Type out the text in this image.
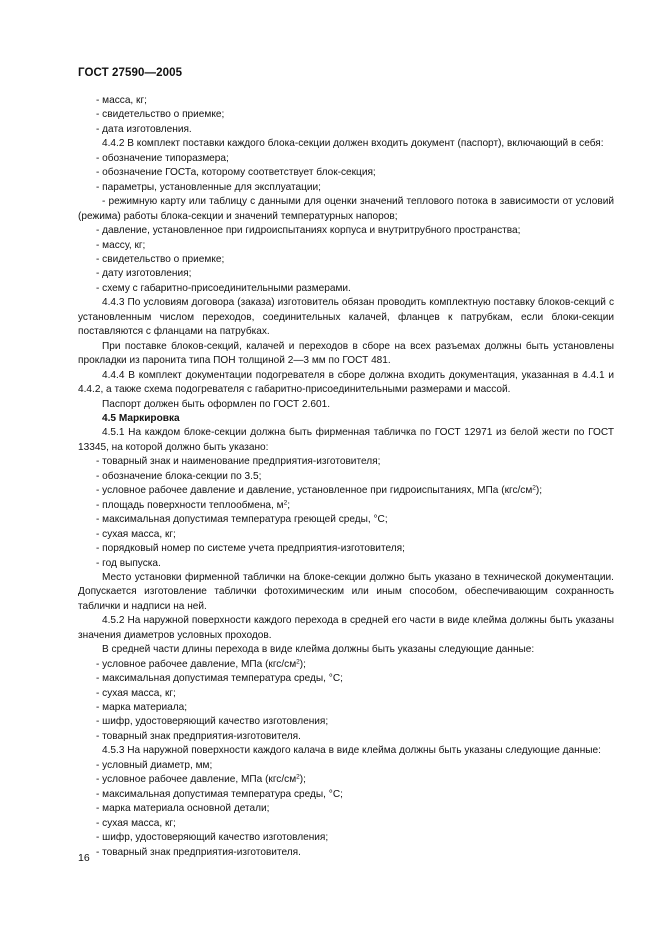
ГОСТ 27590—2005

- масса, кг;

- свидетельство о приемке;

- дата изготовления.

4.4.2 В комплект поставки каждого блока-секции должен входить документ (паспорт), включающий в себя:

- обозначение типоразмера;

- обозначение ГОСТа, которому соответствует блок-секция;

- параметры, установленные для эксплуатации;

- режимную карту или таблицу с данными для оценки значений теплового потока в зависимости от условий (режима) работы блока-секции и значений температурных напоров;

- давление, установленное при гидроиспытаниях корпуса и внутритрубного пространства;

- массу, кг;

- свидетельство о приемке;

- дату изготовления;

- схему с габаритно-присоединительными размерами.

4.4.3 По условиям договора (заказа) изготовитель обязан проводить комплектную поставку блоков-секций с установленным числом переходов, соединительных калачей, фланцев к патрубкам, если блоки-секции поставляются с фланцами на патрубках.

При поставке блоков-секций, калачей и переходов в сборе на всех разъемах должны быть установлены прокладки из паронита типа ПОН толщиной 2—3 мм по ГОСТ 481.

4.4.4 В комплект документации подогревателя в сборе должна входить документация, указанная в 4.4.1 и 4.4.2, а также схема подогревателя с габаритно-присоединительными размерами и массой.

Паспорт должен быть оформлен по ГОСТ 2.601.

4.5 Маркировка

4.5.1 На каждом блоке-секции должна быть фирменная табличка по ГОСТ 12971 из белой жести по ГОСТ 13345, на которой должно быть указано:

- товарный знак и наименование предприятия-изготовителя;

- обозначение блока-секции по 3.5;

- условное рабочее давление и давление, установленное при гидроиспытаниях, МПа $(кгс/см^2)$;

- площадь поверхности теплообмена, $м^2$;

- максимальная допустимая температура греющей среды, °С;

- сухая масса, кг;

- порядковый номер по системе учета предприятия-изготовителя;

- год выпуска.

Место установки фирменной таблички на блоке-секции должно быть указано в технической документации. Допускается изготовление таблички фотохимическим или иным способом, обеспечивающим сохранность таблички и надписи на ней.

4.5.2 На наружной поверхности каждого перехода в средней его части в виде клейма должны быть указаны значения диаметров условных проходов.

В средней части длины перехода в виде клейма должны быть указаны следующие данные:

- условное рабочее давление, МПа $(кгс/см^2)$;

- максимальная допустимая температура среды, °С;

- сухая масса, кг;

- марка материала;

- шифр, удостоверяющий качество изготовления;

- товарный знак предприятия-изготовителя.

4.5.3 На наружной поверхности каждого калача в виде клейма должны быть указаны следующие данные:

- условный диаметр, мм;

- условное рабочее давление, МПа $(кгс/см^2)$;

- максимальная допустимая температура среды, °С;

- марка материала основной детали;

- сухая масса, кг;

- шифр, удостоверяющий качество изготовления;

- товарный знак предприятия-изготовителя.

16
